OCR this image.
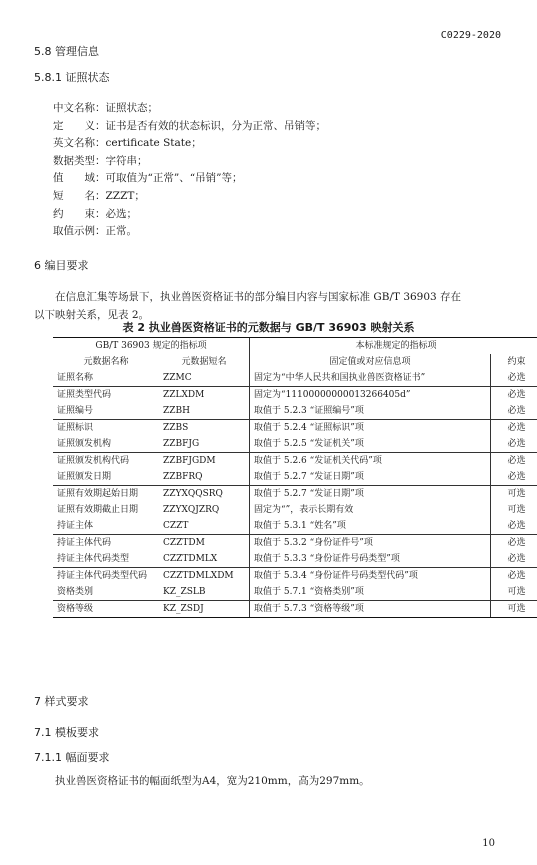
C0229-2020
5.8 管理信息
5.8.1 证照状态
中文名称：证照状态；
定　　义：证书是否有效的状态标识，分为正常、吊销等；
英文名称：certificate State；
数据类型：字符串；
值　　域：可取值为“正常”、“吊销”等；
短　　名：ZZZT；
约　　束：必选；
取值示例：正常。
6 编目要求
在信息汇集等场景下，执业兽医资格证书的部分编目内容与国家标准 GB/T 36903 存在
以下映射关系，见表 2。
表 2 执业兽医资格证书的元数据与 GB/T 36903 映射关系
GB/T 36903 规定的指标项		本标准规定的指标项	
元数据名称	元数据短名	固定值或对应信息项	约束
证照名称	ZZMC	固定为“中华人民共和国执业兽医资格证书”	必选
证照类型代码	ZZLXDM	固定为“11100000000013266405d”	必选
证照编号	ZZBH	取值于 5.2.3 “证照编号”项	必选
证照标识	ZZBS	取值于 5.2.4 “证照标识”项	必选
证照颁发机构	ZZBFJG	取值于 5.2.5 “发证机关”项	必选
证照颁发机构代码	ZZBFJGDM	取值于 5.2.6 “发证机关代码”项	必选
证照颁发日期	ZZBFRQ	取值于 5.2.7 “发证日期”项	必选
证照有效期起始日期	ZZYXQQSRQ	取值于 5.2.7 “发证日期”项	可选
证照有效期截止日期	ZZYXQJZRQ	固定为“”，表示长期有效	可选
持证主体	CZZT	取值于 5.3.1 “姓名”项	必选
持证主体代码	CZZTDM	取值于 5.3.2 “身份证件号”项	必选
持证主体代码类型	CZZTDMLX	取值于 5.3.3 “身份证件号码类型”项	必选
持证主体代码类型代码	CZZTDMLXDM	取值于 5.3.4 “身份证件号码类型代码”项	必选
资格类别	KZ_ZSLB	取值于 5.7.1 “资格类别”项	可选
资格等级	KZ_ZSDJ	取值于 5.7.3 “资格等级”项	可选
7 样式要求
7.1 模板要求
7.1.1 幅面要求
执业兽医资格证书的幅面纸型为A4，宽为210mm，高为297mm。
10
